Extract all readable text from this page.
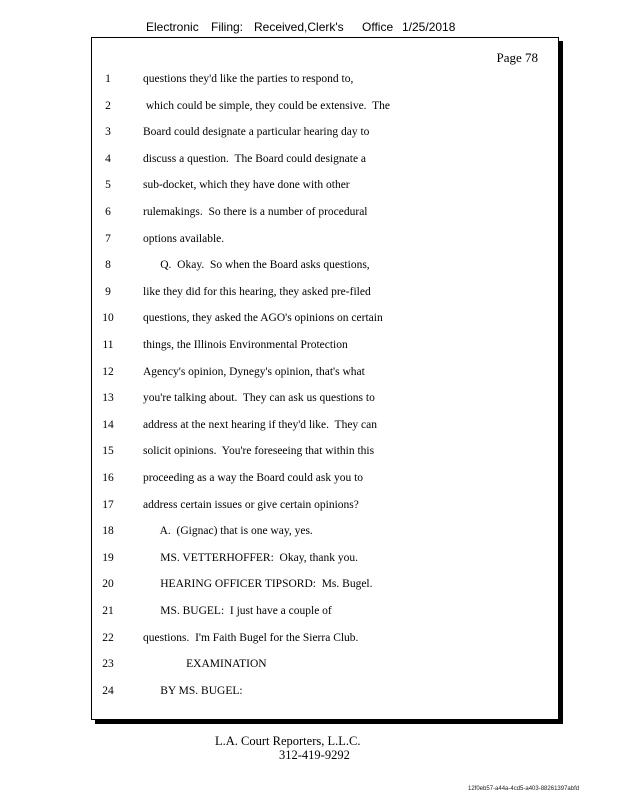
Electronic Filing: Received,Clerk's Office 1/25/2018
Page 78
1	questions they'd like the parties to respond to,
2	which could be simple, they could be extensive.  The
3	Board could designate a particular hearing day to
4	discuss a question.  The Board could designate a
5	sub-docket, which they have done with other
6	rulemakings.  So there is a number of procedural
7	options available.
8	Q.  Okay.  So when the Board asks questions,
9	like they did for this hearing, they asked pre-filed
10	questions, they asked the AGO's opinions on certain
11	things, the Illinois Environmental Protection
12	Agency's opinion, Dynegy's opinion, that's what
13	you're talking about.  They can ask us questions to
14	address at the next hearing if they'd like.  They can
15	solicit opinions.  You're foreseeing that within this
16	proceeding as a way the Board could ask you to
17	address certain issues or give certain opinions?
18	A.  (Gignac) that is one way, yes.
19	MS. VETTERHOFFER:  Okay, thank you.
20	HEARING OFFICER TIPSORD:  Ms. Bugel.
21	MS. BUGEL:  I just have a couple of
22	questions.  I'm Faith Bugel for the Sierra Club.
23	EXAMINATION
24	BY MS. BUGEL:
L.A. Court Reporters, L.L.C.
312-419-9292
12f0eb57-a44a-4cd5-a403-88261397abfd
